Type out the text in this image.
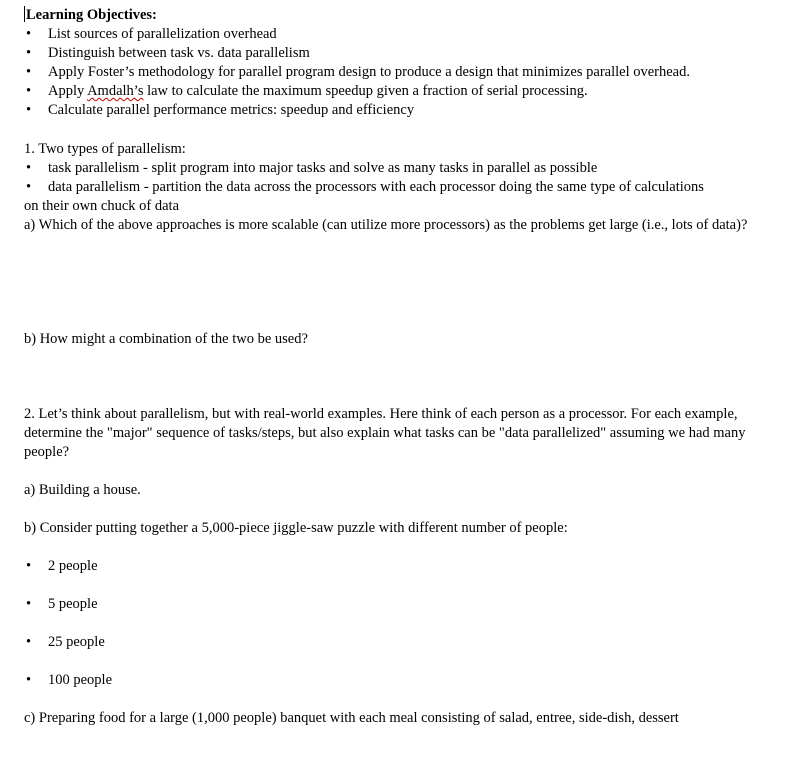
Learning Objectives:
• List sources of parallelization overhead
• Distinguish between task vs. data parallelism
• Apply Foster’s methodology for parallel program design to produce a design that minimizes parallel overhead.
• Apply Amdalh’s law to calculate the maximum speedup given a fraction of serial processing.
• Calculate parallel performance metrics: speedup and efficiency
1. Two types of parallelism:
• task parallelism - split program into major tasks and solve as many tasks in parallel as possible
• data parallelism - partition the data across the processors with each processor doing the same type of calculations
on their own chuck of data
a) Which of the above approaches is more scalable (can utilize more processors) as the problems get large (i.e., lots of data)?
b) How might a combination of the two be used?
2. Let’s think about parallelism, but with real-world examples. Here think of each person as a processor. For each example, determine the "major" sequence of tasks/steps, but also explain what tasks can be "data parallelized" assuming we had many people?
a) Building a house.
b) Consider putting together a 5,000-piece jiggle-saw puzzle with different number of people:
• 2 people
• 5 people
• 25 people
• 100 people
c) Preparing food for a large (1,000 people) banquet with each meal consisting of salad, entree, side-dish, dessert
